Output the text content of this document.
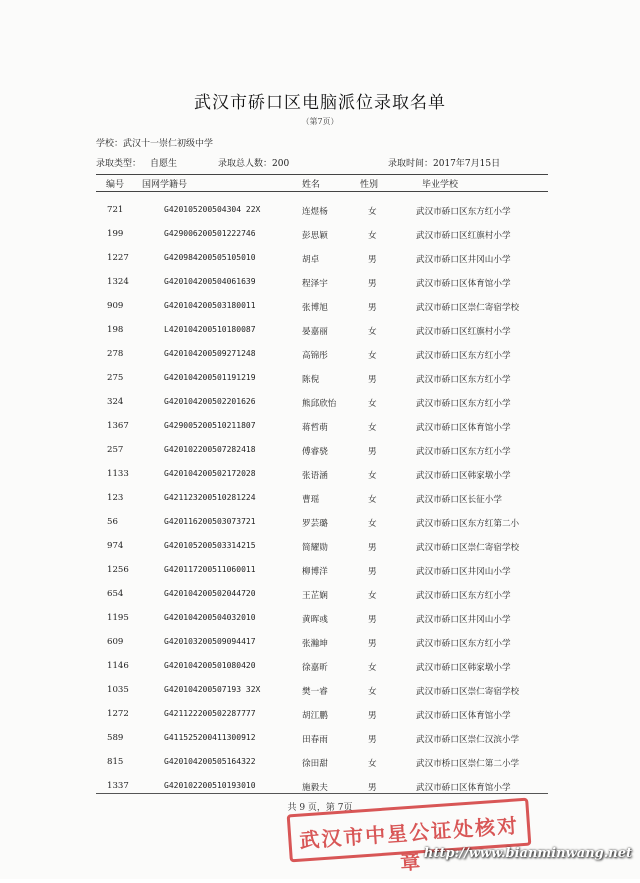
武汉市硚口区电脑派位录取名单
（第7页）
学校：武汉十一崇仁初级中学
录取类型： 自愿生	录取总人数：200	录取时间：2017年7月15日
编号 国网学籍号	姓名	性别	毕业学校
721	G420105200504304 22X	连煜杨	女	武汉市硚口区东方红小学
199	G429006200501222746	彭思颖	女	武汉市硚口区红旗村小学
1227	G420984200505105010	胡卓	男	武汉市硚口区井冈山小学
1324	G420104200504061639	程泽宇	男	武汉市硚口区体育馆小学
909	G420104200503180011	张博旭	男	武汉市硚口区崇仁寄宿学校
198	L420104200510180087	晏嘉丽	女	武汉市硚口区红旗村小学
278	G420104200509271248	高锦彤	女	武汉市硚口区东方红小学
275	G420104200501191219	陈倪	男	武汉市硚口区东方红小学
324	G420104200502201626	熊邱欣怡	女	武汉市硚口区东方红小学
1367	G429005200510211807	蒋哲萌	女	武汉市硚口区体育馆小学
257	G420102200507282418	傅睿骁	男	武汉市硚口区东方红小学
1133	G420104200502172028	张语涵	女	武汉市硚口区韩家墩小学
123	G421123200510281224	曹瑶	女	武汉市硚口区长征小学
56	G420116200503073721	罗芸璐	女	武汉市硚口区东方红第二小
974	G420105200503314215	简耀勋	男	武汉市硚口区崇仁寄宿学校
1256	G420117200511060011	柳博洋	男	武汉市硚口区井冈山小学
654	G420104200502044720	王芷娴	女	武汉市硚口区东方红小学
1195	G420104200504032010	黄晖彧	男	武汉市硚口区井冈山小学
609	G420103200509094417	张瀚坤	男	武汉市硚口区东方红小学
1146	G420104200501080420	徐嘉昕	女	武汉市硚口区韩家墩小学
1035	G420104200507193 32X	樊一睿	女	武汉市硚口区崇仁寄宿学校
1272	G421122200502287777	胡江鹏	男	武汉市硚口区体育馆小学
589	G411525200411300912	田春雨	男	武汉市硚口区崇仁汉滨小学
815	G420104200505164322	徐田甜	女	武汉市桥口区崇仁第二小学
1337	G420102200510193010	施毅夫	男	武汉市硚口区体育馆小学
共 9 页，第 7页
武汉市中星公证处核对章 http://www.bianminwang.net
